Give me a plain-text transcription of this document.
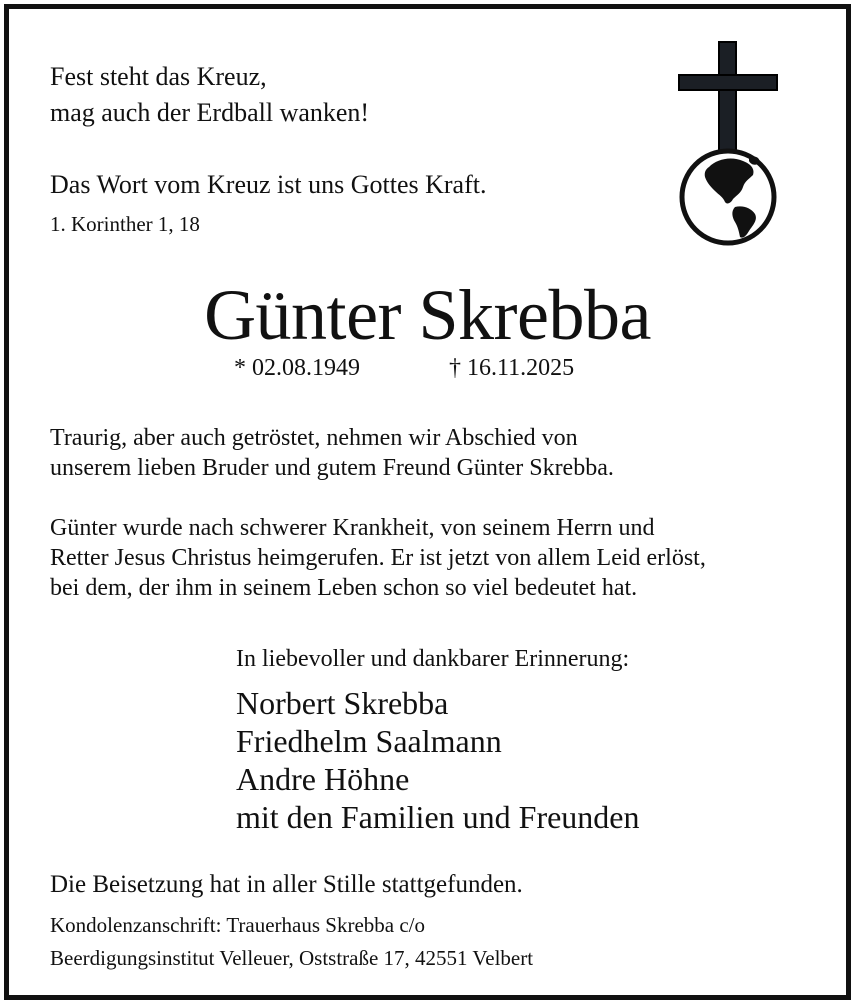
Fest steht das Kreuz,
mag auch der Erdball wanken!
Das Wort vom Kreuz ist uns Gottes Kraft.
1. Korinther 1, 18
Günter Skrebba
* 02.08.1949	† 16.11.2025
Traurig, aber auch getröstet, nehmen wir Abschied von
unserem lieben Bruder und gutem Freund Günter Skrebba.
Günter wurde nach schwerer Krankheit, von seinem Herrn und
Retter Jesus Christus heimgerufen. Er ist jetzt von allem Leid erlöst,
bei dem, der ihm in seinem Leben schon so viel bedeutet hat.
In liebevoller und dankbarer Erinnerung:
Norbert Skrebba
Friedhelm Saalmann
Andre Höhne
mit den Familien und Freunden
Die Beisetzung hat in aller Stille stattgefunden.
Kondolenzanschrift: Trauerhaus Skrebba c/o
Beerdigungsinstitut Velleuer, Oststraße 17, 42551 Velbert
